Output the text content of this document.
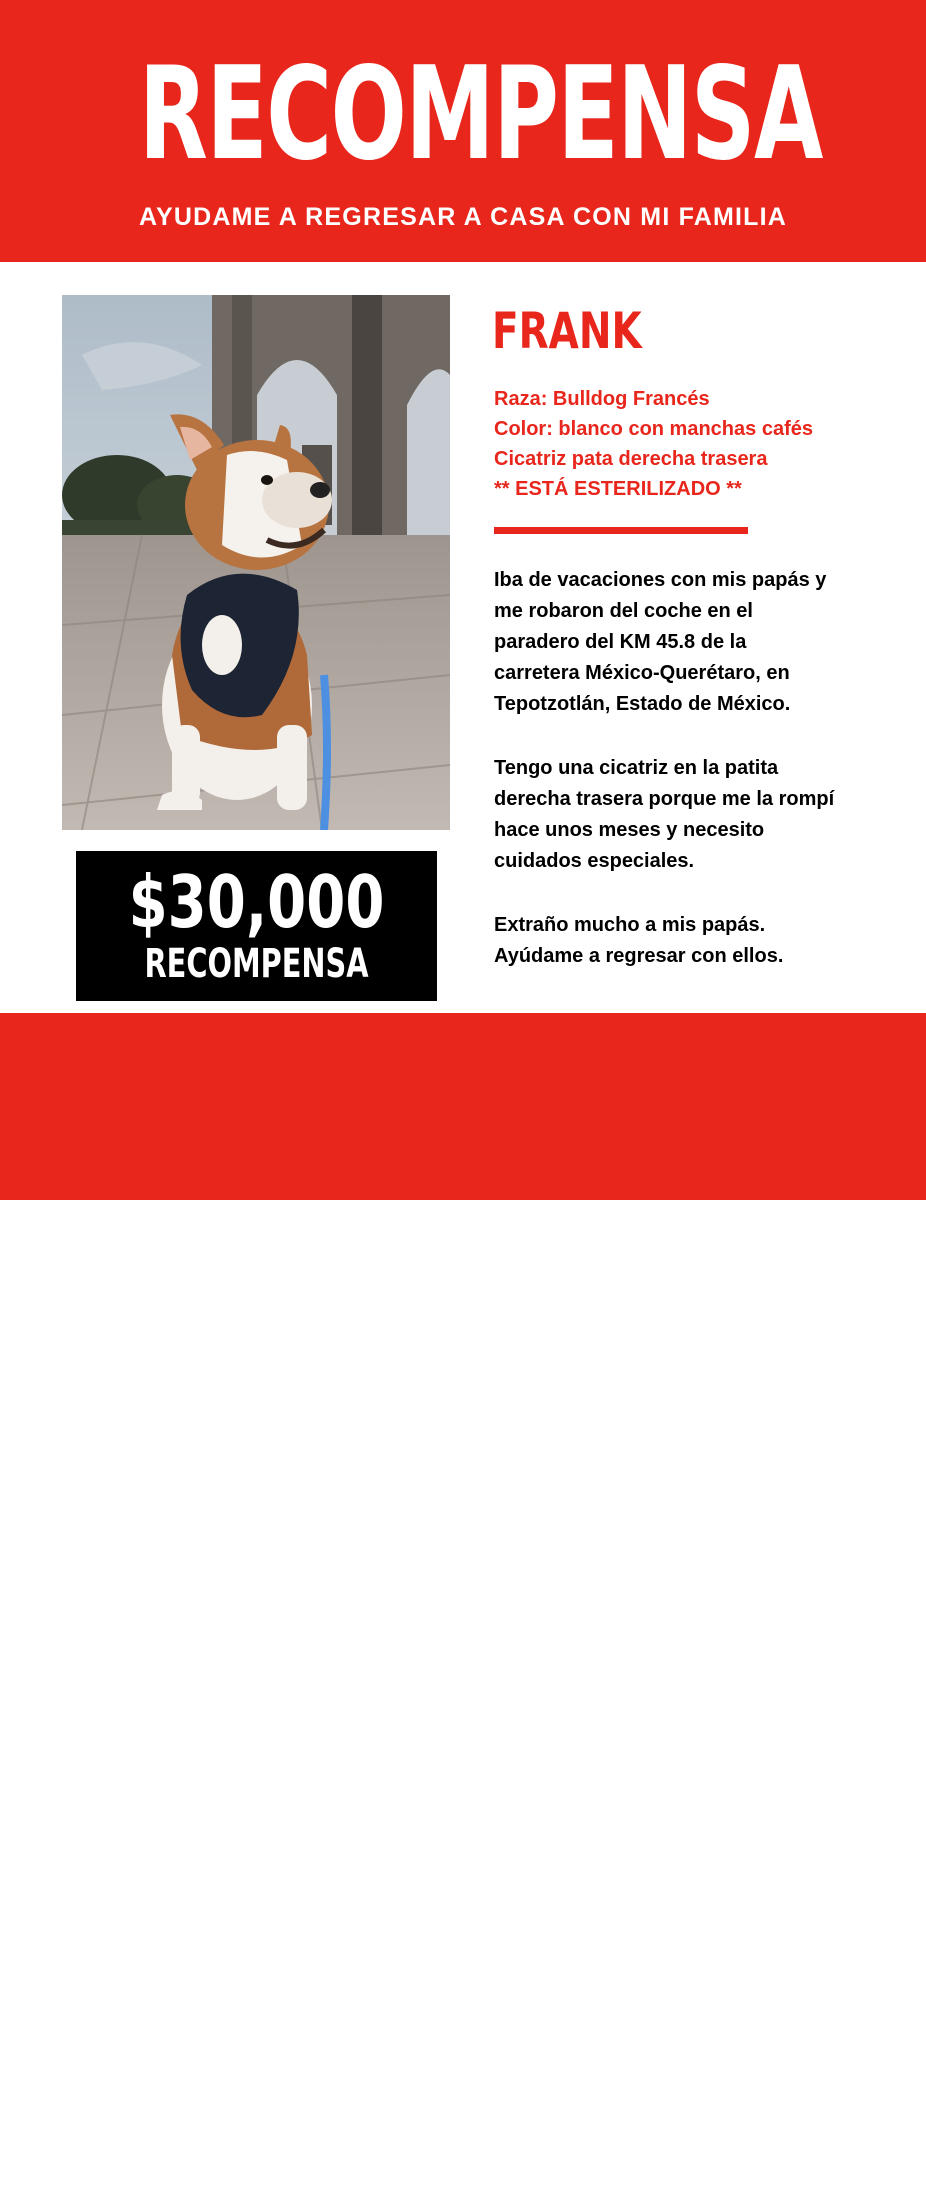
RECOMPENSA
AYUDAME A REGRESAR A CASA CON MI FAMILIA
$30,000
RECOMPENSA
FRANK
Raza: Bulldog Francés
Color: blanco con manchas cafés
Cicatriz pata derecha trasera
** ESTÁ ESTERILIZADO **
Iba de vacaciones con mis papás y
me robaron del coche en el
paradero del KM 45.8 de la
carretera México-Querétaro, en
Tepotzotlán, Estado de México.
Tengo una cicatriz en la patita
derecha trasera porque me la rompí
hace unos meses y necesito
cuidados especiales.
Extraño mucho a mis papás.
Ayúdame a regresar con ellos.
LLAMA O ENVÍA UN MENSAJE SI TIENES CUALQUIER INFORMACIÓN
55 7366 7487
